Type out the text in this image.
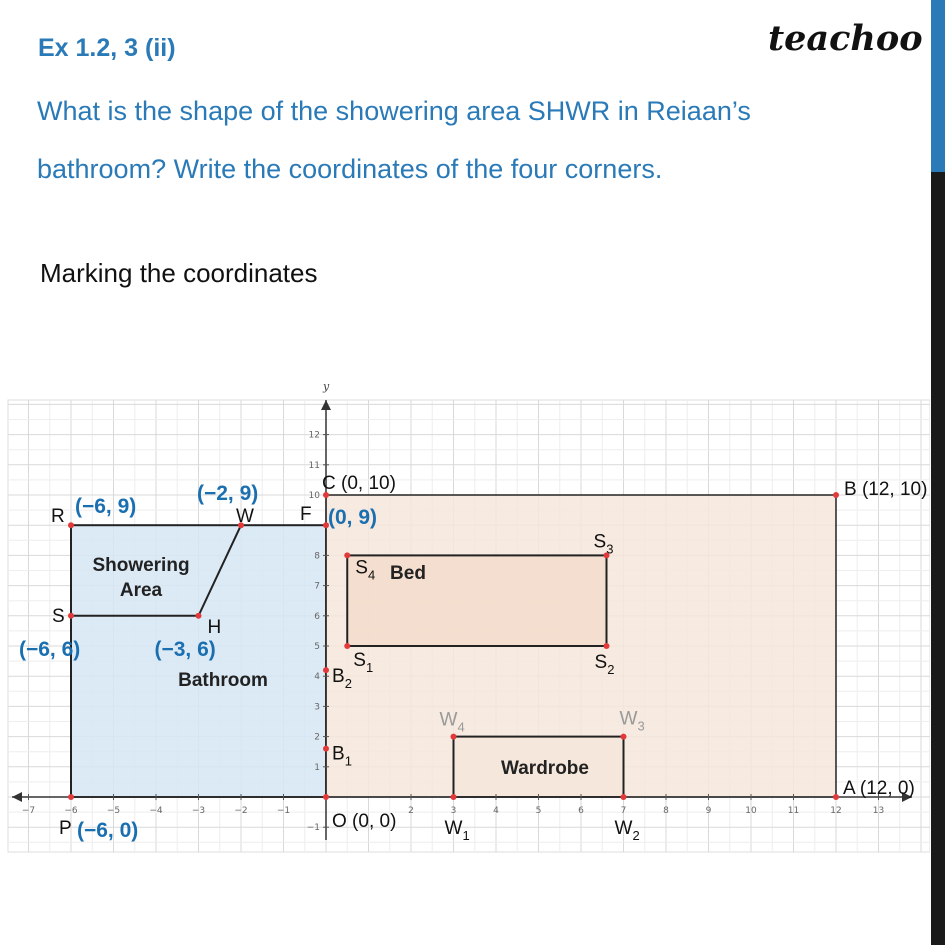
Ex 1.2, 3 (ii)	teachoo
What is the shape of the showering area SHWR in Reiaan’s bathroom? Write the coordinates of the four corners.
Marking the coordinates
y
−7	−6	−5	−4	−3	−2	−1	2	3	4	5	6	7	8	9	10	11	12	13
12
11
10
8
7
6
5
4
3
2
1
−1
R	W F
S
H
P
$S_4$
$S_3$
$S_1$	$S_2$
$B_2$
$B_1$
$W_4$	$W_3$
$W_1$	$W_2$
C (0, 10)	B (12, 10)
A (12, 0)
O (0, 0)
(−6, 9)
(−2, 9)
(0, 9)
(−6, 6)	(−3, 6)
(−6, 0)
Bed
Wardrobe
Bathroom
Showering
Area
